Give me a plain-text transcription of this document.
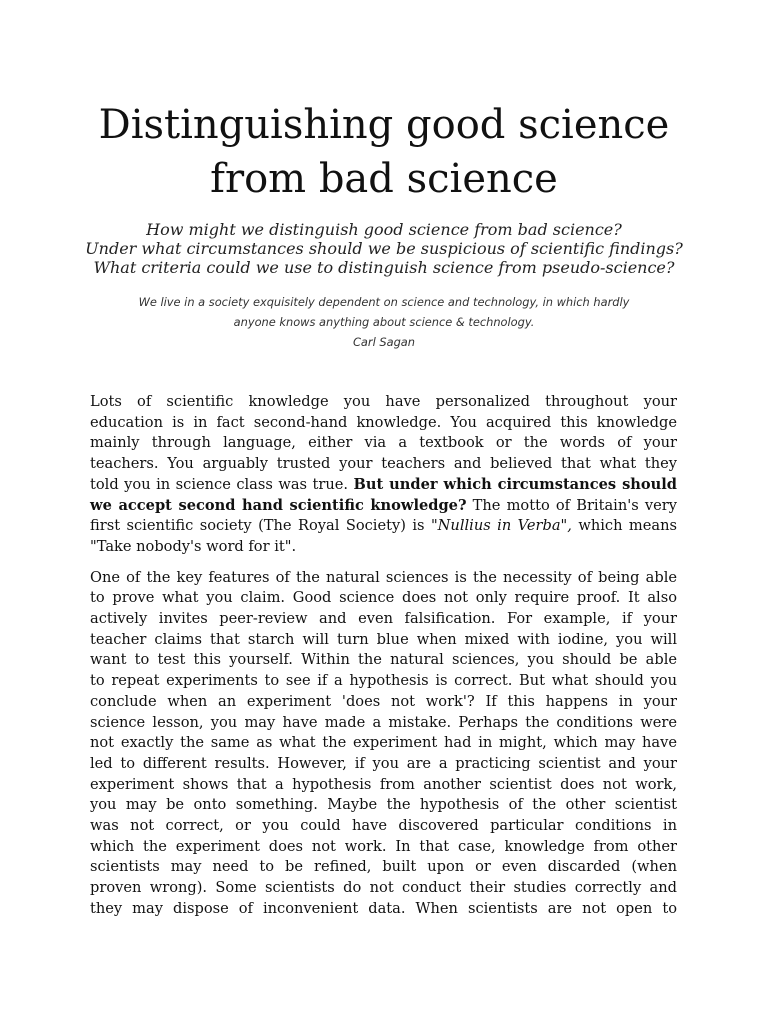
Distinguishing good science
from bad science
How might we distinguish good science from bad science?
Under what circumstances should we be suspicious of scientific findings?
What criteria could we use to distinguish science from pseudo-science?
We live in a society exquisitely dependent on science and technology, in which hardly
anyone knows anything about science & technology.
Carl Sagan

Lots of scientific knowledge you have personalized throughout your
education is in fact second-hand knowledge. You acquired this knowledge
mainly through language, either via a textbook or the words of your
teachers. You arguably trusted your teachers and believed that what they
told you in science class was true. But under which circumstances should
we accept second hand scientific knowledge? The motto of Britain's very
first scientific society (The Royal Society) is "Nullius in Verba", which means
"Take nobody's word for it".

One of the key features of the natural sciences is the necessity of being able
to prove what you claim. Good science does not only require proof. It also
actively invites peer-review and even falsification. For example, if your
teacher claims that starch will turn blue when mixed with iodine, you will
want to test this yourself. Within the natural sciences, you should be able
to repeat experiments to see if a hypothesis is correct. But what should you
conclude when an experiment 'does not work'? If this happens in your
science lesson, you may have made a mistake. Perhaps the conditions were
not exactly the same as what the experiment had in might, which may have
led to different results. However, if you are a practicing scientist and your
experiment shows that a hypothesis from another scientist does not work,
you may be onto something. Maybe the hypothesis of the other scientist
was not correct, or you could have discovered particular conditions in
which the experiment does not work. In that case, knowledge from other
scientists may need to be refined, built upon or even discarded (when
proven wrong). Some scientists do not conduct their studies correctly and
they may dispose of inconvenient data. When scientists are not open to
